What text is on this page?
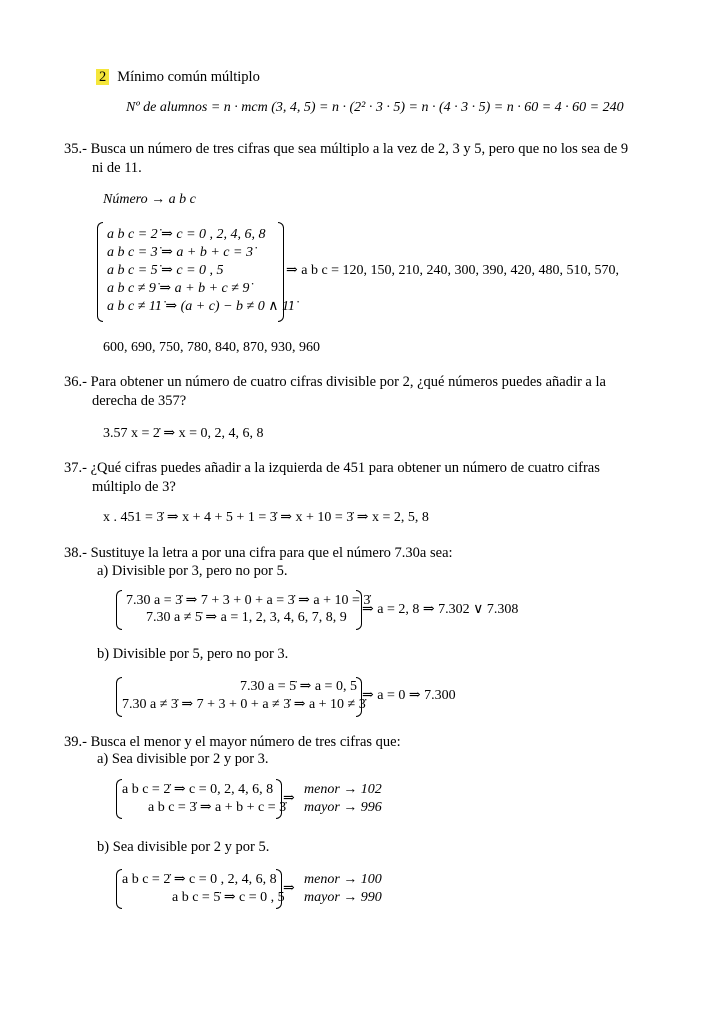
2 Mínimo común múltiplo
Nº de alumnos = n · mcm (3, 4, 5) = n · (2² · 3 · 5) = n · (4 · 3 · 5) = n · 60 = 4 · 60 = 240
35.- Busca un número de tres cifras que sea múltiplo a la vez de 2, 3 y 5, pero que no los sea de 9
ni de 11.
Número → a b c
a b c = 2̇ ⇒ c = 0 , 2, 4, 6, 8
a b c = 3̇ ⇒ a + b + c = 3̇
a b c = 5̇ ⇒ c = 0 , 5
a b c ≠ 9̇ ⇒ a + b + c ≠ 9̇
a b c ≠ 1̇1̇ ⇒ (a + c) − b ≠ 0 ∧ 1̇1̇
⇒ a b c = 120, 150, 210, 240, 300, 390, 420, 480, 510, 570,
600, 690, 750, 780, 840, 870, 930, 960
36.- Para obtener un número de cuatro cifras divisible por 2, ¿qué números puedes añadir a la
derecha de 357?
3.57 x = 2̇ ⇒ x = 0, 2, 4, 6, 8
37.- ¿Qué cifras puedes añadir a la izquierda de 451 para obtener un número de cuatro cifras
múltiplo de 3?
x . 451 = 3̇ ⇒ x + 4 + 5 + 1 = 3̇ ⇒ x + 10 = 3̇ ⇒ x = 2, 5, 8
38.- Sustituye la letra a por una cifra para que el número 7.30a sea:
a) Divisible por 3, pero no por 5.
7.30 a = 3̇ ⇒ 7 + 3 + 0 + a = 3̇ ⇒ a + 10 = 3̇
7.30 a ≠ 5̇ ⇒ a = 1, 2, 3, 4, 6, 7, 8, 9
⇒ a = 2, 8 ⇒ 7.302 ∨ 7.308
b) Divisible por 5, pero no por 3.
7.30 a = 5̇ ⇒ a = 0, 5
7.30 a ≠ 3̇ ⇒ 7 + 3 + 0 + a ≠ 3̇ ⇒ a + 10 ≠ 3̇
⇒ a = 0 ⇒ 7.300
39.- Busca el menor y el mayor número de tres cifras que:
a) Sea divisible por 2 y por 3.
a b c = 2̇ ⇒ c = 0, 2, 4, 6, 8
a b c = 3̇ ⇒ a + b + c = 3̇
⇒
menor → 102
mayor → 996
b) Sea divisible por 2 y por 5.
a b c = 2̇ ⇒ c = 0 , 2, 4, 6, 8
a b c = 5̇ ⇒ c = 0 , 5
⇒
menor → 100
mayor → 990
